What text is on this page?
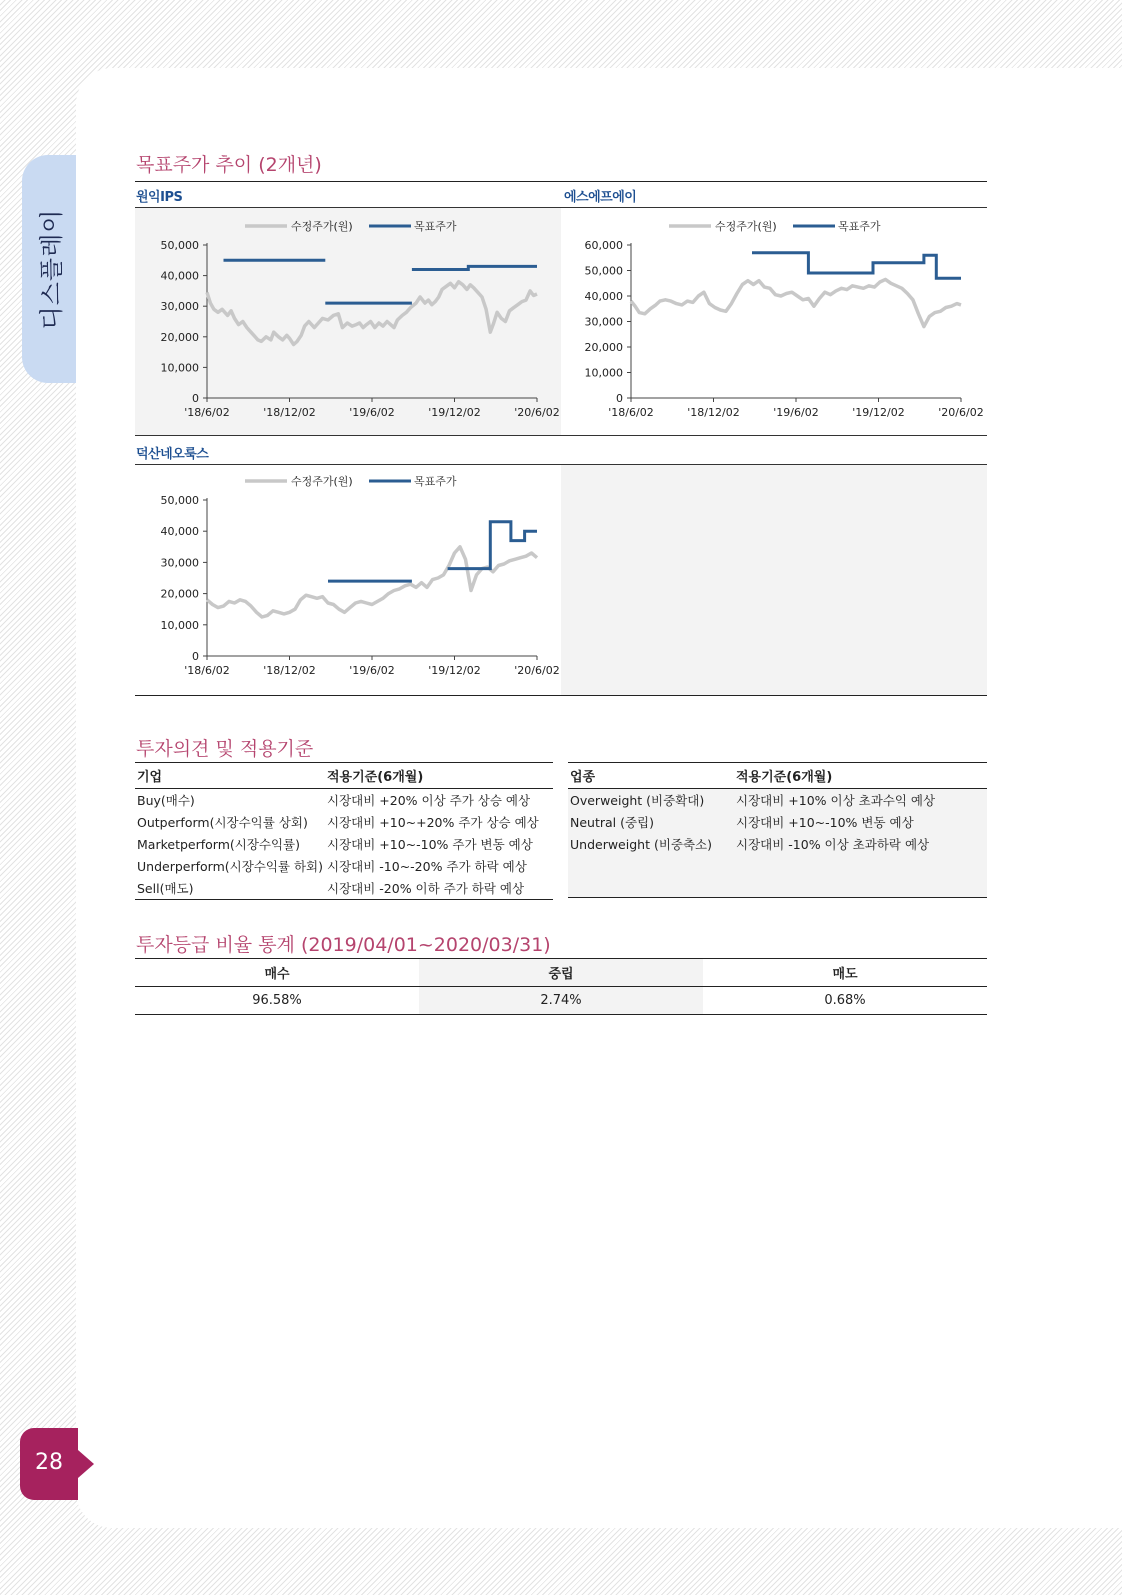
디스플레이
28
목표주가 추이 (2개년)
원익IPS	에스에프에이
덕산네오룩스
0
10,000
20,000
30,000
40,000
50,000
'18/6/02	'18/12/02	'19/6/02	'19/12/02	'20/6/02
수정주가(원)	목표주가
0
10,000
20,000
30,000
40,000
50,000
60,000
'18/6/02	'18/12/02	'19/6/02	'19/12/02	'20/6/02
수정주가(원)	목표주가
0
10,000
20,000
30,000
40,000
50,000
'18/6/02	'18/12/02	'19/6/02	'19/12/02	'20/6/02
수정주가(원)	목표주가
투자의견 및 적용기준
기업	적용기준(6개월)
Buy(매수)	시장대비 +20% 이상 주가 상승 예상
Outperform(시장수익률 상회)	시장대비 +10~+20% 주가 상승 예상
Marketperform(시장수익률)	시장대비 +10~-10% 주가 변동 예상
Underperform(시장수익률 하회)	시장대비 -10~-20% 주가 하락 예상
Sell(매도)	시장대비 -20% 이하 주가 하락 예상
업종	적용기준(6개월)
Overweight (비중확대)	시장대비 +10% 이상 초과수익 예상
Neutral (중립)	시장대비 +10~-10% 변동 예상
Underweight (비중축소)	시장대비 -10% 이상 초과하락 예상

투자등급 비율 통계 (2019/04/01~2020/03/31)
매수	중립	매도
96.58%	2.74%	0.68%
